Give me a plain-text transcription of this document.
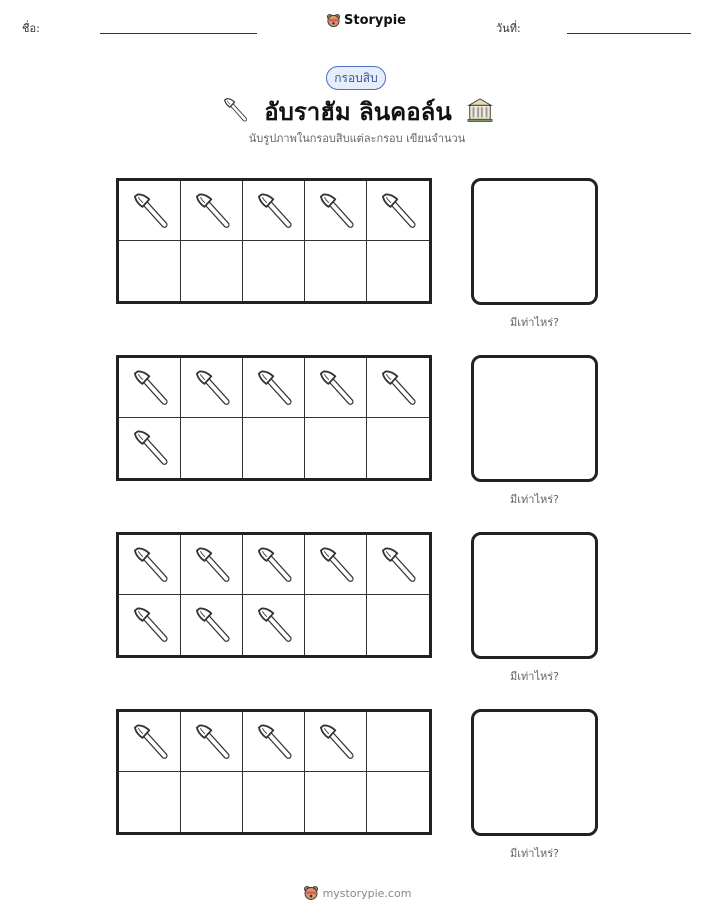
ชื่อ:
Storypie
วันที่:
กรอบสิบ
อับราฮัม ลินคอล์น
นับรูปภาพในกรอบสิบแต่ละกรอบ เขียนจำนวน
มีเท่าไหร่?
มีเท่าไหร่?
มีเท่าไหร่?
มีเท่าไหร่?
mystorypie.com
